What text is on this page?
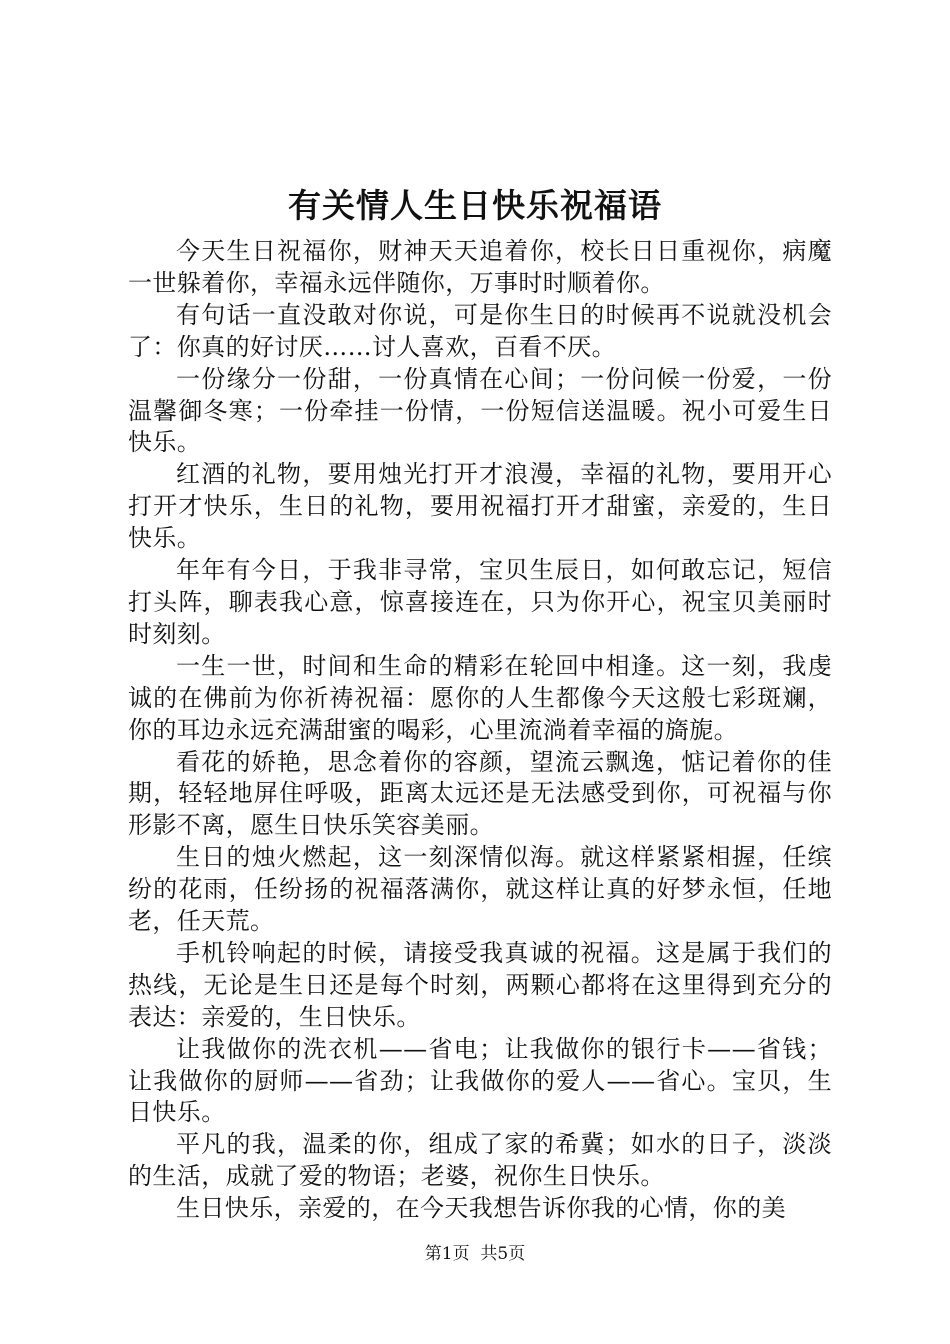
有关情人生日快乐祝福语

今天生日祝福你，财神天天追着你，校长日日重视你，病魔一世躲着你，幸福永远伴随你，万事时时顺着你。

有句话一直没敢对你说，可是你生日的时候再不说就没机会了：你真的好讨厌……讨人喜欢，百看不厌。

一份缘分一份甜，一份真情在心间；一份问候一份爱，一份温馨御冬寒；一份牵挂一份情，一份短信送温暖。祝小可爱生日快乐。

红酒的礼物，要用烛光打开才浪漫，幸福的礼物，要用开心打开才快乐，生日的礼物，要用祝福打开才甜蜜，亲爱的，生日快乐。

年年有今日，于我非寻常，宝贝生辰日，如何敢忘记，短信打头阵，聊表我心意，惊喜接连在，只为你开心，祝宝贝美丽时时刻刻。

一生一世，时间和生命的精彩在轮回中相逢。这一刻，我虔诚的在佛前为你祈祷祝福：愿你的人生都像今天这般七彩斑斓，你的耳边永远充满甜蜜的喝彩，心里流淌着幸福的旖旎。

看花的娇艳，思念着你的容颜，望流云飘逸，惦记着你的佳期，轻轻地屏住呼吸，距离太远还是无法感受到你，可祝福与你形影不离，愿生日快乐笑容美丽。

生日的烛火燃起，这一刻深情似海。就这样紧紧相握，任缤纷的花雨，任纷扬的祝福落满你，就这样让真的好梦永恒，任地老，任天荒。

手机铃响起的时候，请接受我真诚的祝福。这是属于我们的热线，无论是生日还是每个时刻，两颗心都将在这里得到充分的表达：亲爱的，生日快乐。

让我做你的洗衣机——省电；让我做你的银行卡——省钱；让我做你的厨师——省劲；让我做你的爱人——省心。宝贝，生日快乐。

平凡的我，温柔的你，组成了家的希冀；如水的日子，淡淡的生活，成就了爱的物语；老婆，祝你生日快乐。

生日快乐，亲爱的，在今天我想告诉你我的心情，你的美

第1页 共5页
